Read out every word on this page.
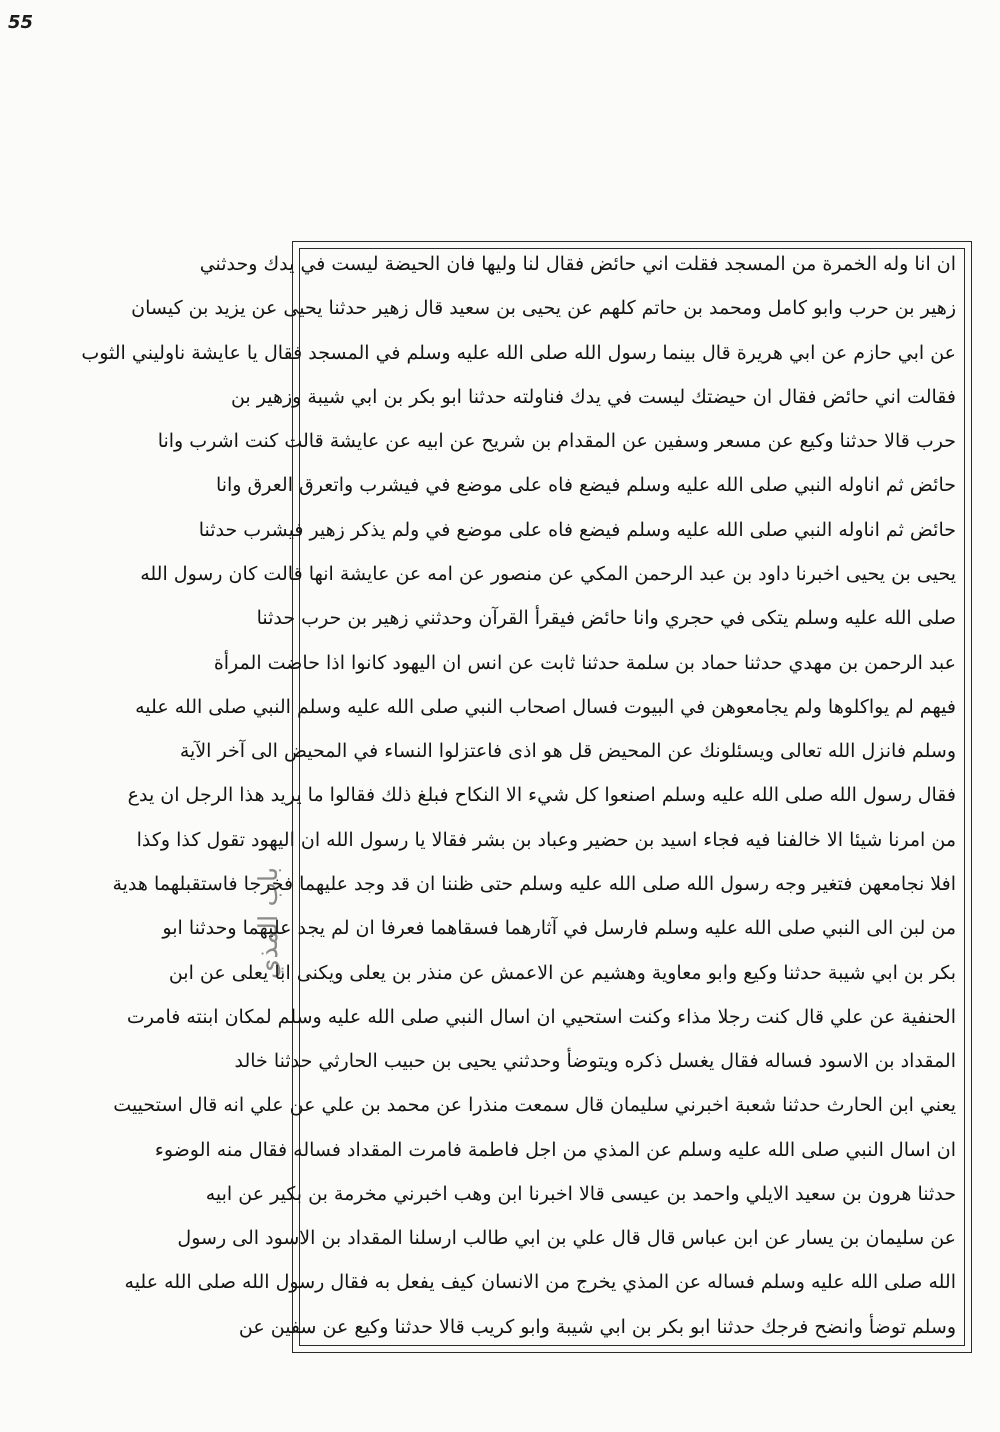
55
باب المذي
ان انا وله الخمرة من المسجد فقلت اني حائض فقال لنا وليها فان الحيضة ليست في يدك وحدثني
زهير بن حرب وابو كامل ومحمد بن حاتم كلهم عن يحيى بن سعيد قال زهير حدثنا يحيى عن يزيد بن كيسان
عن ابي حازم عن ابي هريرة قال بينما رسول الله صلى الله عليه وسلم في المسجد فقال يا عايشة ناوليني الثوب
فقالت اني حائض فقال ان حيضتك ليست في يدك فناولته حدثنا ابو بكر بن ابي شيبة وزهير بن
حرب قالا حدثنا وكيع عن مسعر وسفين عن المقدام بن شريح عن ابيه عن عايشة قالت كنت اشرب وانا
حائض ثم اناوله النبي صلى الله عليه وسلم فيضع فاه على موضع في فيشرب واتعرق العرق وانا
حائض ثم اناوله النبي صلى الله عليه وسلم فيضع فاه على موضع في ولم يذكر زهير فيشرب حدثنا
يحيى بن يحيى اخبرنا داود بن عبد الرحمن المكي عن منصور عن امه عن عايشة انها قالت كان رسول الله
صلى الله عليه وسلم يتكى في حجري وانا حائض فيقرأ القرآن وحدثني زهير بن حرب حدثنا
عبد الرحمن بن مهدي حدثنا حماد بن سلمة حدثنا ثابت عن انس ان اليهود كانوا اذا حاضت المرأة
فيهم لم يواكلوها ولم يجامعوهن في البيوت فسال اصحاب النبي صلى الله عليه وسلم النبي صلى الله عليه
وسلم فانزل الله تعالى ويسئلونك عن المحيض قل هو اذى فاعتزلوا النساء في المحيض الى آخر الآية
فقال رسول الله صلى الله عليه وسلم اصنعوا كل شيء الا النكاح فبلغ ذلك فقالوا ما يريد هذا الرجل ان يدع
من امرنا شيئا الا خالفنا فيه فجاء اسيد بن حضير وعباد بن بشر فقالا يا رسول الله ان اليهود تقول كذا وكذا
افلا نجامعهن فتغير وجه رسول الله صلى الله عليه وسلم حتى ظننا ان قد وجد عليهما فخرجا فاستقبلهما هدية
من لبن الى النبي صلى الله عليه وسلم فارسل في آثارهما فسقاهما فعرفا ان لم يجد عليهما وحدثنا ابو
بكر بن ابي شيبة حدثنا وكيع وابو معاوية وهشيم عن الاعمش عن منذر بن يعلى ويكنى ابا يعلى عن ابن
الحنفية عن علي قال كنت رجلا مذاء وكنت استحيي ان اسال النبي صلى الله عليه وسلم لمكان ابنته فامرت
المقداد بن الاسود فساله فقال يغسل ذكره ويتوضأ وحدثني يحيى بن حبيب الحارثي حدثنا خالد
يعني ابن الحارث حدثنا شعبة اخبرني سليمان قال سمعت منذرا عن محمد بن علي عن علي انه قال استحييت
ان اسال النبي صلى الله عليه وسلم عن المذي من اجل فاطمة فامرت المقداد فساله فقال منه الوضوء
حدثنا هرون بن سعيد الايلي واحمد بن عيسى قالا اخبرنا ابن وهب اخبرني مخرمة بن بكير عن ابيه
عن سليمان بن يسار عن ابن عباس قال قال علي بن ابي طالب ارسلنا المقداد بن الاسود الى رسول
الله صلى الله عليه وسلم فساله عن المذي يخرج من الانسان كيف يفعل به فقال رسول الله صلى الله عليه
وسلم توضأ وانضح فرجك حدثنا ابو بكر بن ابي شيبة وابو كريب قالا حدثنا وكيع عن سفين عن
